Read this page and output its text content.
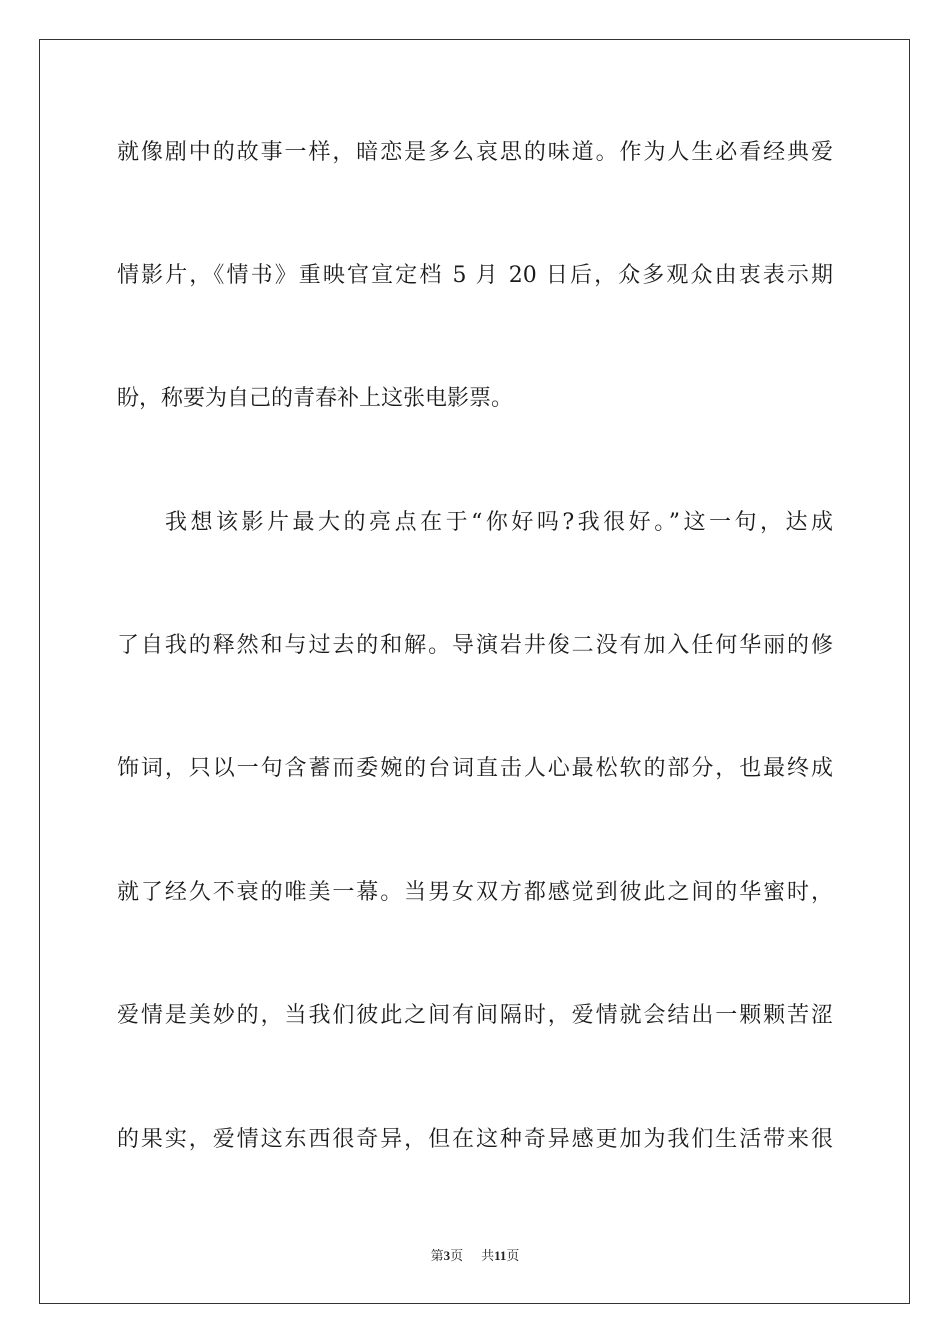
就像剧中的故事一样，暗恋是多么哀思的味道。作为人生必看经典爱
情影片，《情书》重映官宣定档 5 月 20 日后，众多观众由衷表示期
盼，称要为自己的青春补上这张电影票。
我想该影片最大的亮点在于“你好吗?我很好。”这一句，达成
了自我的释然和与过去的和解。导演岩井俊二没有加入任何华丽的修
饰词，只以一句含蓄而委婉的台词直击人心最松软的部分，也最终成
就了经久不衰的唯美一幕。当男女双方都感觉到彼此之间的华蜜时，
爱情是美妙的，当我们彼此之间有间隔时，爱情就会结出一颗颗苦涩
的果实，爱情这东西很奇异，但在这种奇异感更加为我们生活带来很
第3页 共11页
